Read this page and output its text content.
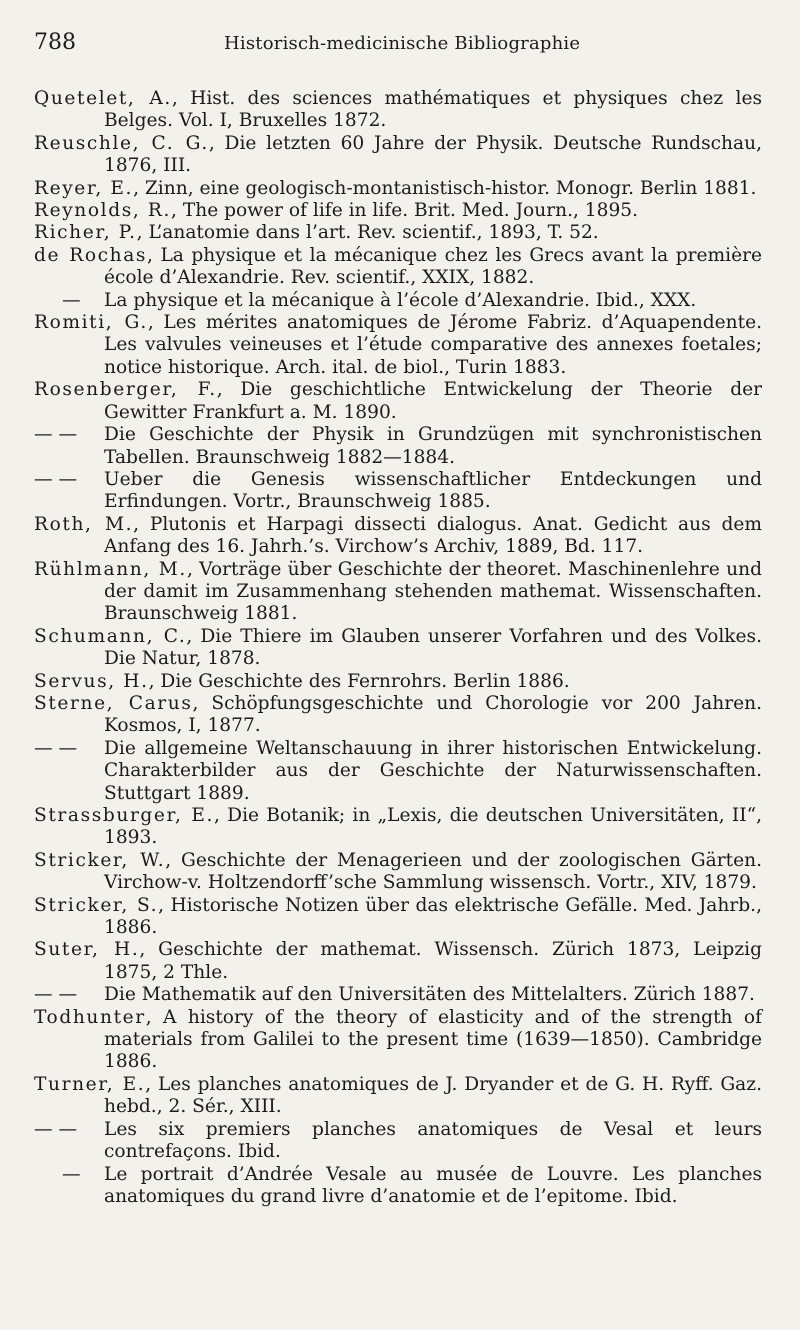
788	Historisch-medicinische Bibliographie

Quetelet, A., Hist. des sciences mathématiques et physiques chez les Belges. Vol. I, Bruxelles 1872.

Reuschle, C. G., Die letzten 60 Jahre der Physik. Deutsche Rundschau, 1876, III.

Reyer, E., Zinn, eine geologisch-montanistisch-histor. Monogr. Berlin 1881.

Reynolds, R., The power of life in life. Brit. Med. Journ., 1895.

Richer, P., L’anatomie dans l’art. Rev. scientif., 1893, T. 52.

de Rochas, La physique et la mécanique chez les Grecs avant la première école d’Alexandrie. Rev. scientif., XXIX, 1882.

— La physique et la mécanique à l’école d’Alexandrie. Ibid., XXX.

Romiti, G., Les mérites anatomiques de Jérome Fabriz. d’Aquapendente. Les valvules veineuses et l’étude comparative des annexes foetales; notice historique. Arch. ital. de biol., Turin 1883.

Rosenberger, F., Die geschichtliche Entwickelung der Theorie der Gewitter Frankfurt a. M. 1890.

— — Die Geschichte der Physik in Grundzügen mit synchronistischen Tabellen. Braunschweig 1882—1884.

— — Ueber die Genesis wissenschaftlicher Entdeckungen und Erfindungen. Vortr., Braunschweig 1885.

Roth, M., Plutonis et Harpagi dissecti dialogus. Anat. Gedicht aus dem Anfang des 16. Jahrh.’s. Virchow’s Archiv, 1889, Bd. 117.

Rühlmann, M., Vorträge über Geschichte der theoret. Maschinenlehre und der damit im Zusammenhang stehenden mathemat. Wissenschaften. Braunschweig 1881.

Schumann, C., Die Thiere im Glauben unserer Vorfahren und des Volkes. Die Natur, 1878.

Servus, H., Die Geschichte des Fernrohrs. Berlin 1886.

Sterne, Carus, Schöpfungsgeschichte und Chorologie vor 200 Jahren. Kosmos, I, 1877.

— — Die allgemeine Weltanschauung in ihrer historischen Entwickelung. Charakterbilder aus der Geschichte der Naturwissenschaften. Stuttgart 1889.

Strassburger, E., Die Botanik; in „Lexis, die deutschen Universitäten, II“, 1893.

Stricker, W., Geschichte der Menagerieen und der zoologischen Gärten. Virchow-v. Holtzendorff’sche Sammlung wissensch. Vortr., XIV, 1879.

Stricker, S., Historische Notizen über das elektrische Gefälle. Med. Jahrb., 1886.

Suter, H., Geschichte der mathemat. Wissensch. Zürich 1873, Leipzig 1875, 2 Thle.

— — Die Mathematik auf den Universitäten des Mittelalters. Zürich 1887.

Todhunter, A history of the theory of elasticity and of the strength of materials from Galilei to the present time (1639—1850). Cambridge 1886.

Turner, E., Les planches anatomiques de J. Dryander et de G. H. Ryff. Gaz. hebd., 2. Sér., XIII.

— — Les six premiers planches anatomiques de Vesal et leurs contrefaçons. Ibid.

— Le portrait d’Andrée Vesale au musée de Louvre. Les planches anatomiques du grand livre d’anatomie et de l’epitome. Ibid.
